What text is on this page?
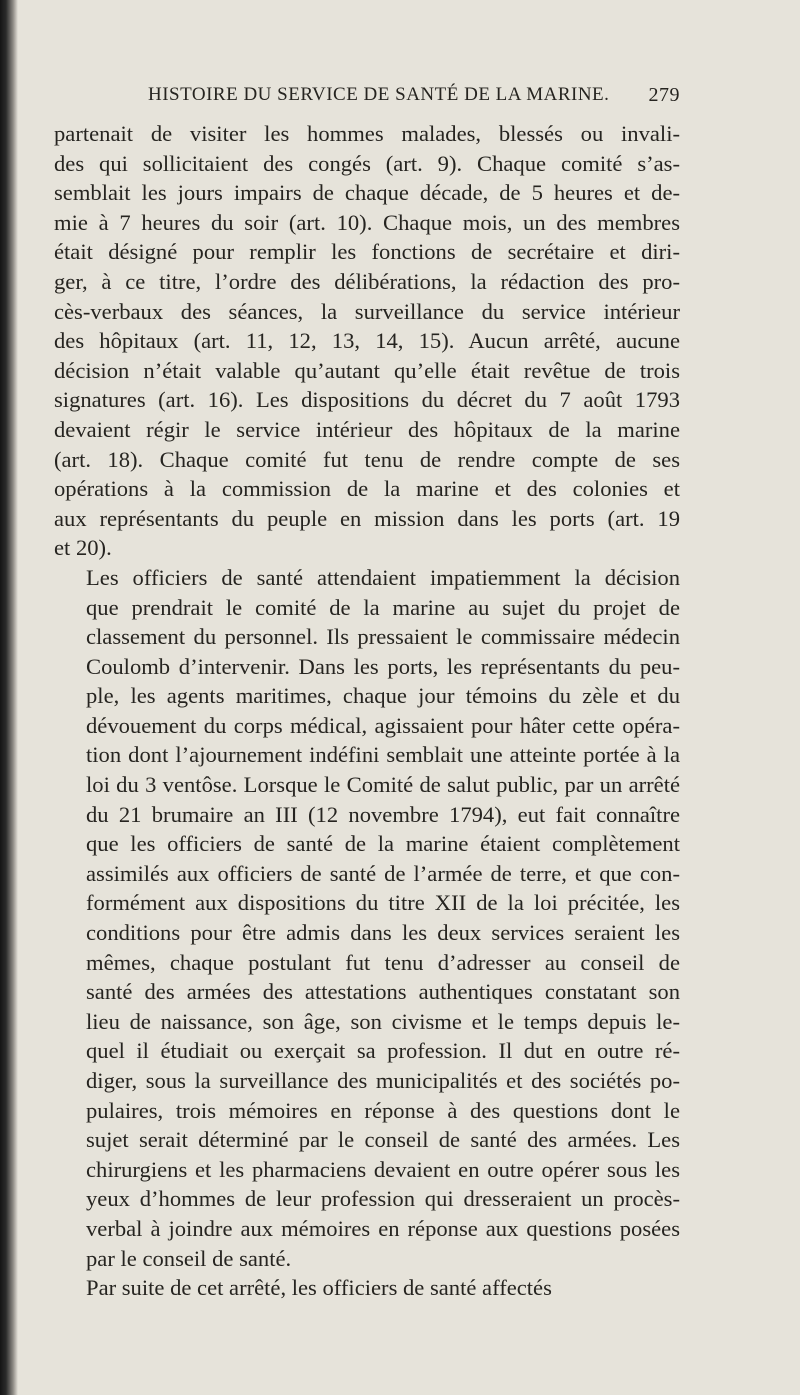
HISTOIRE DU SERVICE DE SANTÉ DE LA MARINE. 279

partenait de visiter les hommes malades, blessés ou invali-
des qui sollicitaient des congés (art. 9). Chaque comité s’as-
semblait les jours impairs de chaque décade, de 5 heures et de-
mie à 7 heures du soir (art. 10). Chaque mois, un des membres
était désigné pour remplir les fonctions de secrétaire et diri-
ger, à ce titre, l’ordre des délibérations, la rédaction des pro-
cès-verbaux des séances, la surveillance du service intérieur
des hôpitaux (art. 11, 12, 13, 14, 15). Aucun arrêté, aucune
décision n’était valable qu’autant qu’elle était revêtue de trois
signatures (art. 16). Les dispositions du décret du 7 août 1793
devaient régir le service intérieur des hôpitaux de la marine
(art. 18). Chaque comité fut tenu de rendre compte de ses
opérations à la commission de la marine et des colonies et
aux représentants du peuple en mission dans les ports (art. 19
et 20).

Les officiers de santé attendaient impatiemment la décision
que prendrait le comité de la marine au sujet du projet de
classement du personnel. Ils pressaient le commissaire médecin
Coulomb d’intervenir. Dans les ports, les représentants du peu-
ple, les agents maritimes, chaque jour témoins du zèle et du
dévouement du corps médical, agissaient pour hâter cette opéra-
tion dont l’ajournement indéfini semblait une atteinte portée à la
loi du 3 ventôse. Lorsque le Comité de salut public, par un arrêté
du 21 brumaire an III (12 novembre 1794), eut fait connaître
que les officiers de santé de la marine étaient complètement
assimilés aux officiers de santé de l’armée de terre, et que con-
formément aux dispositions du titre XII de la loi précitée, les
conditions pour être admis dans les deux services seraient les
mêmes, chaque postulant fut tenu d’adresser au conseil de
santé des armées des attestations authentiques constatant son
lieu de naissance, son âge, son civisme et le temps depuis le-
quel il étudiait ou exerçait sa profession. Il dut en outre ré-
diger, sous la surveillance des municipalités et des sociétés po-
pulaires, trois mémoires en réponse à des questions dont le
sujet serait déterminé par le conseil de santé des armées. Les
chirurgiens et les pharmaciens devaient en outre opérer sous les
yeux d’hommes de leur profession qui dresseraient un procès-
verbal à joindre aux mémoires en réponse aux questions posées
par le conseil de santé.

Par suite de cet arrêté, les officiers de santé affectés
